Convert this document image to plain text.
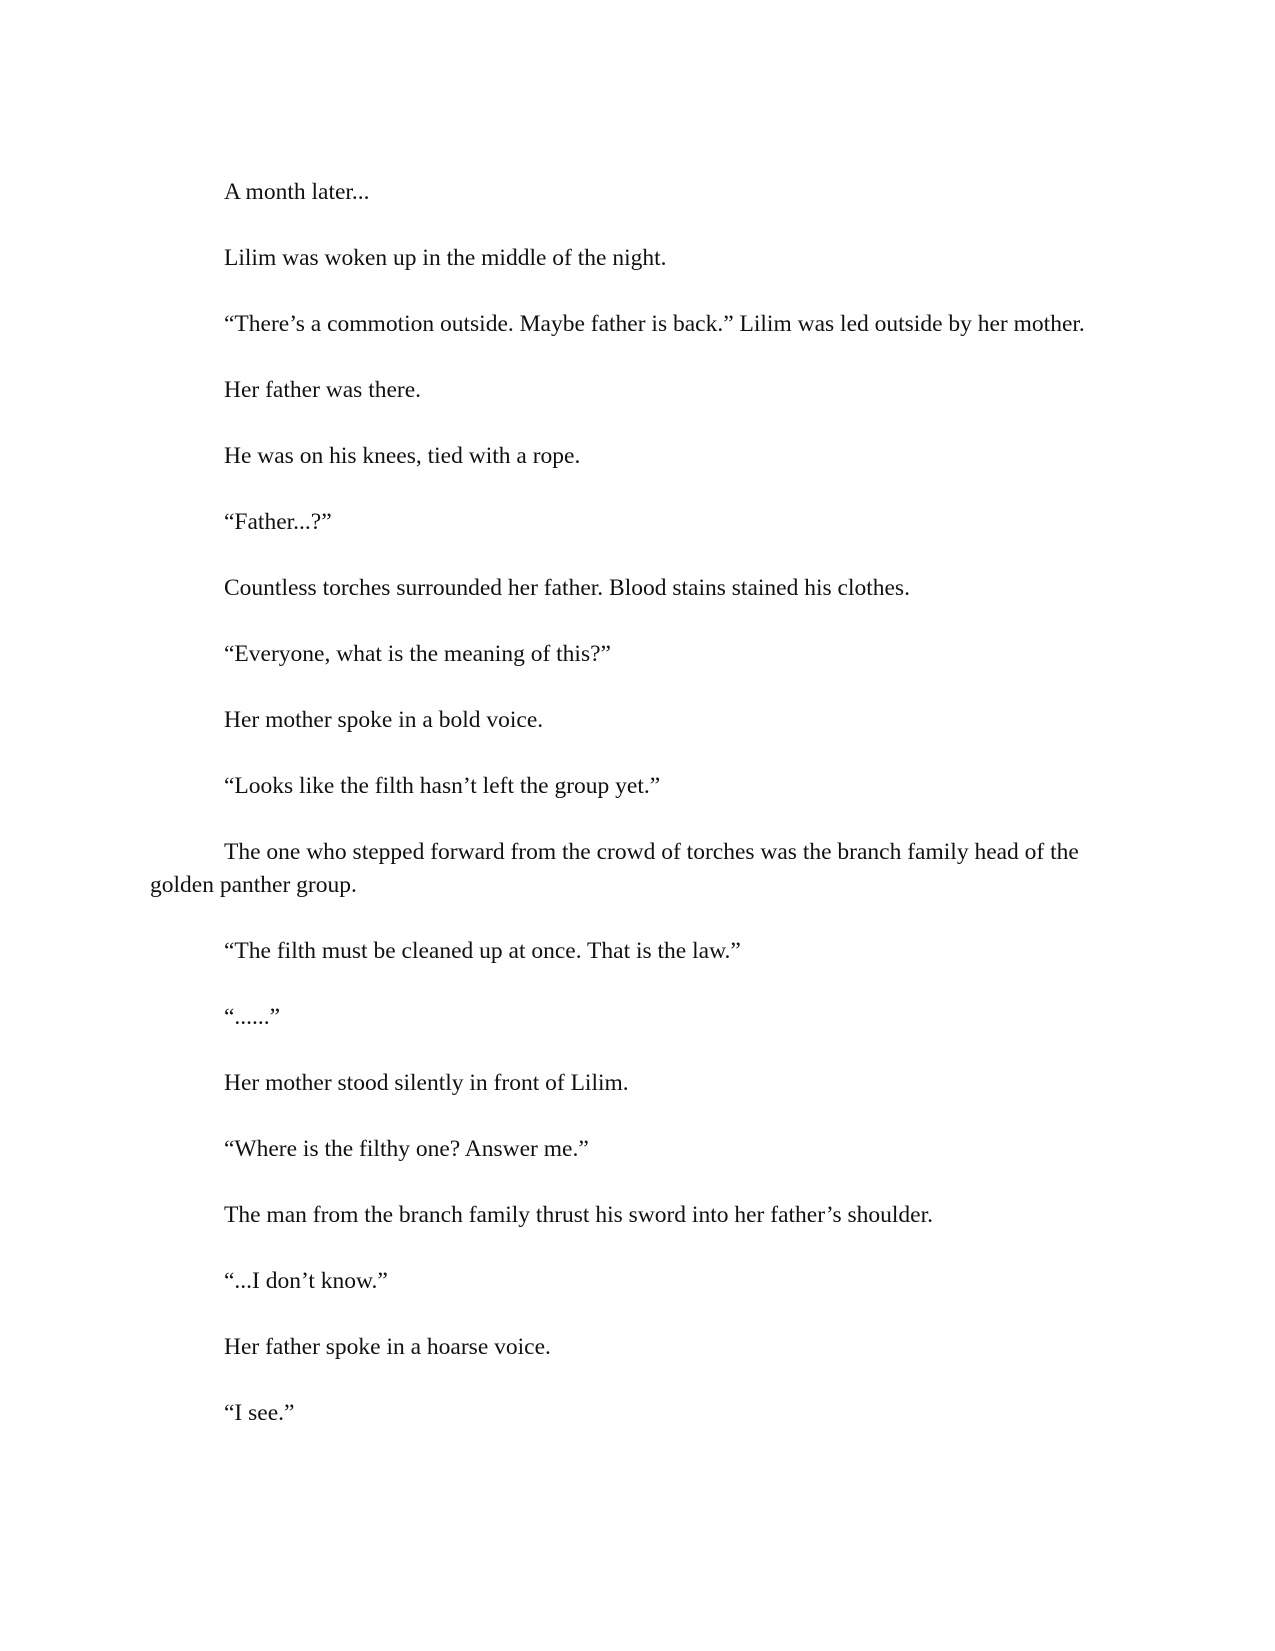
A month later...

Lilim was woken up in the middle of the night.

“There’s a commotion outside. Maybe father is back.” Lilim was led outside by her mother.

Her father was there.

He was on his knees, tied with a rope.

“Father...?”

Countless torches surrounded her father. Blood stains stained his clothes.

“Everyone, what is the meaning of this?”

Her mother spoke in a bold voice.

“Looks like the filth hasn’t left the group yet.”

The one who stepped forward from the crowd of torches was the branch family head of the golden panther group.

“The filth must be cleaned up at once. That is the law.”

“......”

Her mother stood silently in front of Lilim.

“Where is the filthy one? Answer me.”

The man from the branch family thrust his sword into her father’s shoulder.

“...I don’t know.”

Her father spoke in a hoarse voice.

“I see.”
